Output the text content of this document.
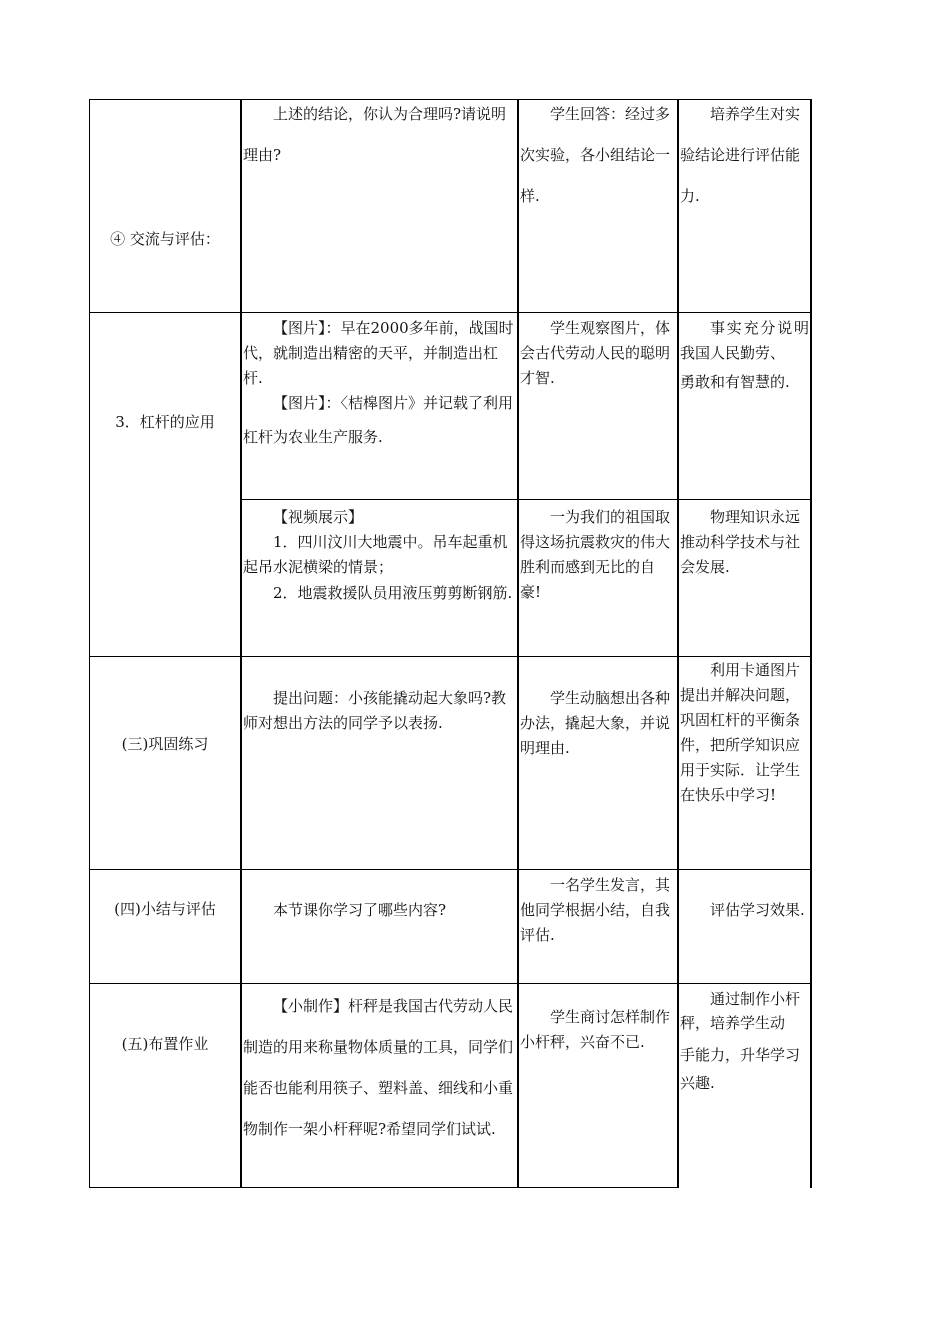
④ 交流与评估：
上述的结论，你认为合理吗?请说明理由?
学生回答：经过多次实验，各小组结论一样.
培养学生对实验结论进行评估能力.
3．杠杆的应用
【图片】：早在2000多年前，战国时代，就制造出精密的天平，并制造出杠杆.
【图片】：〈桔槔图片》并记载了利用杠杆为农业生产服务.
学生观察图片，体会古代劳动人民的聪明才智.
事实充分说明我国人民勤劳、
勇敢和有智慧的.
【视频展示】
1．四川汶川大地震中。吊车起重机起吊水泥横梁的情景；
2．地震救援队员用液压剪剪断钢筋.
一为我们的祖国取得这场抗震救灾的伟大胜利而感到无比的自豪!
物理知识永远推动科学技术与社会发展.
(三)巩固练习
提出问题：小孩能撬动起大象吗?教师对想出方法的同学予以表扬.
学生动脑想出各种办法，撬起大象，并说明理由.
利用卡通图片提出并解决问题，巩固杠杆的平衡条件，把所学知识应用于实际．让学生在快乐中学习!
(四)小结与评估	本节课你学习了哪些内容?
一名学生发言，其他同学根据小结，自我评估.
评估学习效果.
(五)布置作业
【小制作】杆秤是我国古代劳动人民制造的用来称量物体质量的工具，同学们能否也能利用筷子、塑料盖、细线和小重物制作一架小杆秤呢?希望同学们试试.
学生商讨怎样制作小杆秤，兴奋不已.
通过制作小杆秤，培养学生动
手能力，升华学习
兴趣.
